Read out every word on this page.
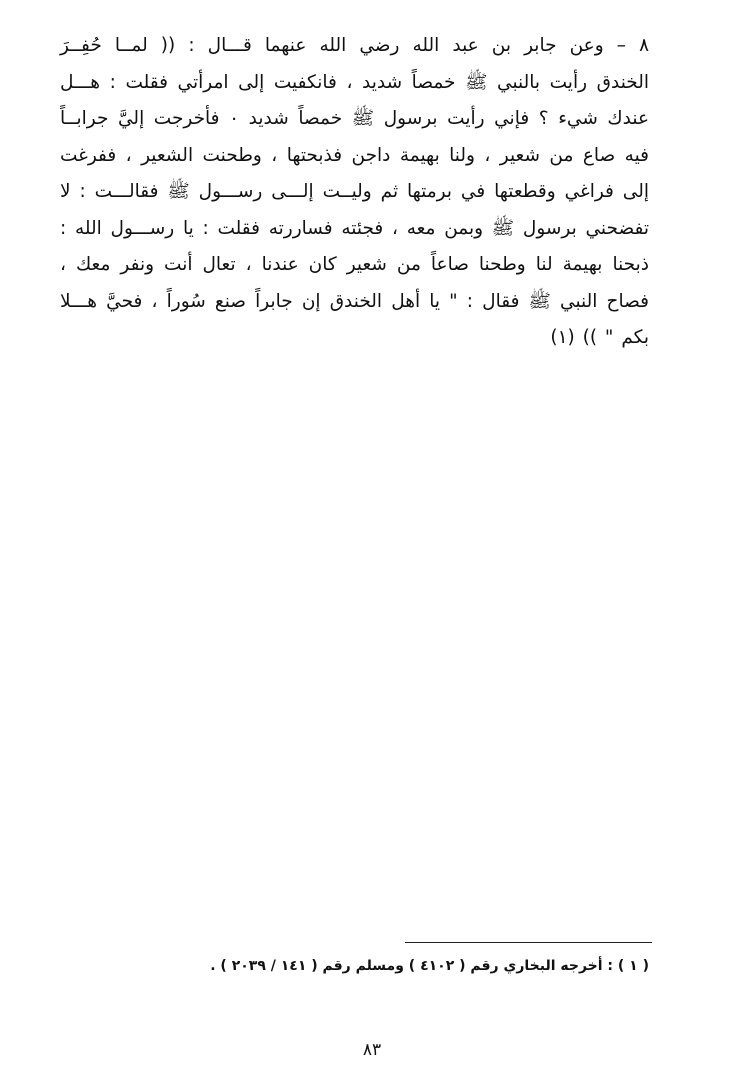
٨ – وعن جابر بن عبد الله رضي الله عنهما قـــال : (( لمــا حُفِــرَ
الخندق رأيت بالنبي ﷺ خمصاً شديد ، فانكفيت إلى امرأتي فقلت : هـــل
عندك شيء ؟ فإني رأيت برسول ﷺ خمصاً شديد ٠ فأخرجت إليَّ جرابــاً
فيه صاع من شعير ، ولنا بهيمة داجن فذبحتها ، وطحنت الشعير ، ففرغت
إلى فراغي وقطعتها في برمتها ثم وليــت إلـــى رســـول ﷺ فقالـــت : لا
تفضحني برسول ﷺ وبمن معه ، فجئته فساررته فقلت : يا رســـول الله :
ذبحنا بهيمة لنا وطحنا صاعاً من شعير كان عندنا ، تعال أنت ونفر معك ،
فصاح النبي ﷺ فقال : " يا أهل الخندق إن جابراً صنع سُوراً ، فحيَّ هـــلا
بكم " )) (١)
( ١ ) : أخرجه البخاري رقم ( ٤١٠٢ ) ومسلم رقم ( ١٤١ / ٢٠٣٩ ) .
٨٣
